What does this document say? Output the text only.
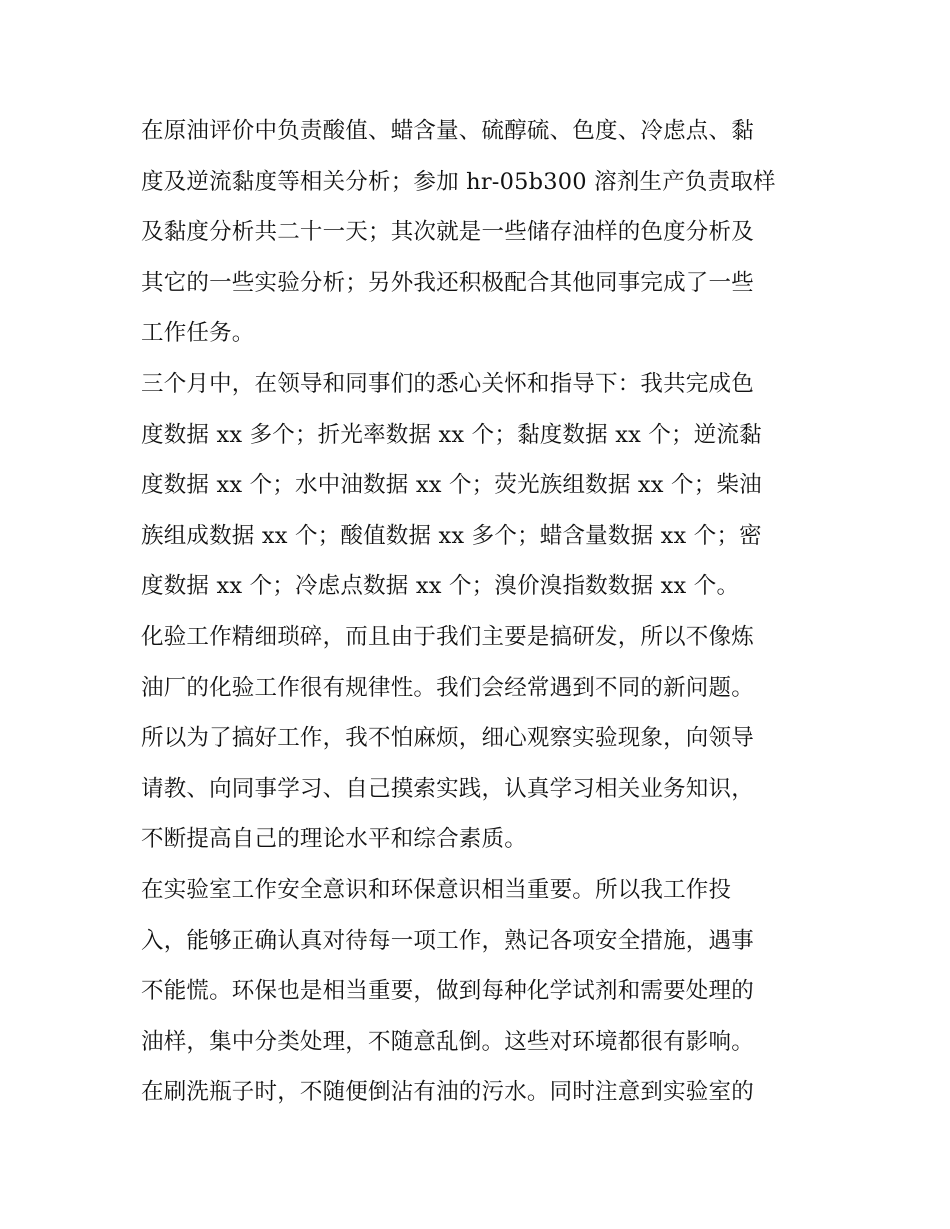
在原油评价中负责酸值、蜡含量、硫醇硫、色度、冷虑点、黏
度及逆流黏度等相关分析；参加 hr-05b300 溶剂生产负责取样
及黏度分析共二十一天；其次就是一些储存油样的色度分析及
其它的一些实验分析；另外我还积极配合其他同事完成了一些
工作任务。
三个月中，在领导和同事们的悉心关怀和指导下：我共完成色
度数据 xx 多个；折光率数据 xx 个；黏度数据 xx 个；逆流黏
度数据 xx 个；水中油数据 xx 个；荧光族组数据 xx 个；柴油
族组成数据 xx 个；酸值数据 xx 多个；蜡含量数据 xx 个；密
度数据 xx 个；冷虑点数据 xx 个；溴价溴指数数据 xx 个。
化验工作精细琐碎，而且由于我们主要是搞研发，所以不像炼
油厂的化验工作很有规律性。我们会经常遇到不同的新问题。
所以为了搞好工作，我不怕麻烦，细心观察实验现象，向领导
请教、向同事学习、自己摸索实践，认真学习相关业务知识，
不断提高自己的理论水平和综合素质。
在实验室工作安全意识和环保意识相当重要。所以我工作投
入，能够正确认真对待每一项工作，熟记各项安全措施，遇事
不能慌。环保也是相当重要，做到每种化学试剂和需要处理的
油样，集中分类处理，不随意乱倒。这些对环境都很有影响。
在刷洗瓶子时，不随便倒沾有油的污水。同时注意到实验室的
